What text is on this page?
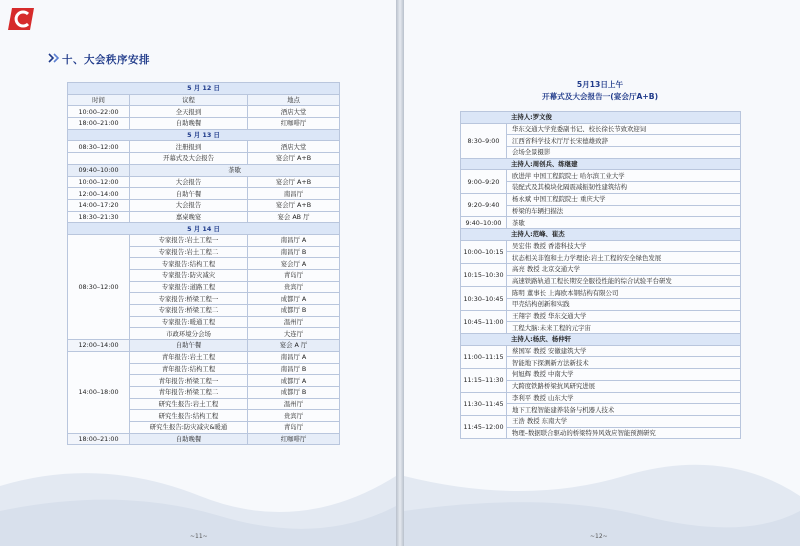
十、大会秩序安排
5 月 12 日		
时间	议程	地点
10:00–22:00	全天报到	酒店大堂
18:00–21:00	自助晚餐	红咖啡厅
5 月 13 日		
08:30–12:00	注册报到	酒店大堂
	开幕式及大会报告	宴会厅 A+B
09:40–10:00	茶歇	
10:00–12:00	大会报告	宴会厅 A+B
12:00–14:00	自助午餐	南昌厅
14:00–17:20	大会报告	宴会厅 A+B
18:30–21:30	嘉桌晚宴	宴会 AB 厅
5 月 14 日		
08:30–12:00	专家报告:岩土工程一	南昌厅 A
	专家报告:岩土工程二	南昌厅 B
	专家报告:结构工程	宴会厅 A
	专家报告:防灾减灾	青岛厅
	专家报告:道路工程	贵宾厅
	专家报告:桥梁工程一	成都厅 A
	专家报告:桥梁工程二	成都厅 B
	专家报告:暖通工程	温州厅
	市政环境分会场	大连厅
12:00–14:00	自助午餐	宴会 A 厅
14:00–18:00	青年报告:岩土工程	南昌厅 A
	青年报告:结构工程	南昌厅 B
	青年报告:桥梁工程一	成都厅 A
	青年报告:桥梁工程二	成都厅 B
	研究生报告:岩土工程	温州厅
	研究生报告:结构工程	贵宾厅
	研究生报告:防灾减灾&暖通	青岛厅
18:00–21:00	自助晚餐	红咖啡厅
~11~	~12~
5月13日上午
开幕式及大会报告一(宴会厅A+B)
主持人:罗文俊	
8:30–9:00	华东交通大学党委副书记、校长徐长节致欢迎词
	江西省科学技术厅厅长宋德雄致辞
	会场全景摄影
主持人:周创兵、练继建	
9:00–9:20	欧进萍 中国工程院院士 哈尔滨工业大学
	装配式及其模块化隔震减振韧性建筑结构
9:20–9:40	杨永斌 中国工程院院士 重庆大学
	桥梁的车辆扫描法
9:40–10:00	茶歇
主持人:范峰、崔杰	
10:00–10:15	吴宏伟 教授 香港科技大学
	状态相关非饱和土力学理论:岩土工程的安全绿色发展
10:15–10:30	高亮 教授 北京交通大学
	高速铁路轨道工程长期安全服役性能的综合试验平台研发
10:30–10:45	陈明 董事长 上海欧本钢结构有限公司
	甲壳结构创新和实践
10:45–11:00	王翔宇 教授 华东交通大学
	工程大脑:未来工程的元宇宙
主持人:杨庆、杨仲轩	
11:00–11:15	蔡国军 教授 安徽建筑大学
	智能地下探测新方法新技术
11:15–11:30	何旭辉 教授 中南大学
	大跨度铁路桥梁抗风研究进展
11:30–11:45	李利平 教授 山东大学
	地下工程智能建养装备与机器人技术
11:45–12:00	王浩 教授 东南大学
	物理–数据联合驱动的桥梁特异风效应智能预测研究
